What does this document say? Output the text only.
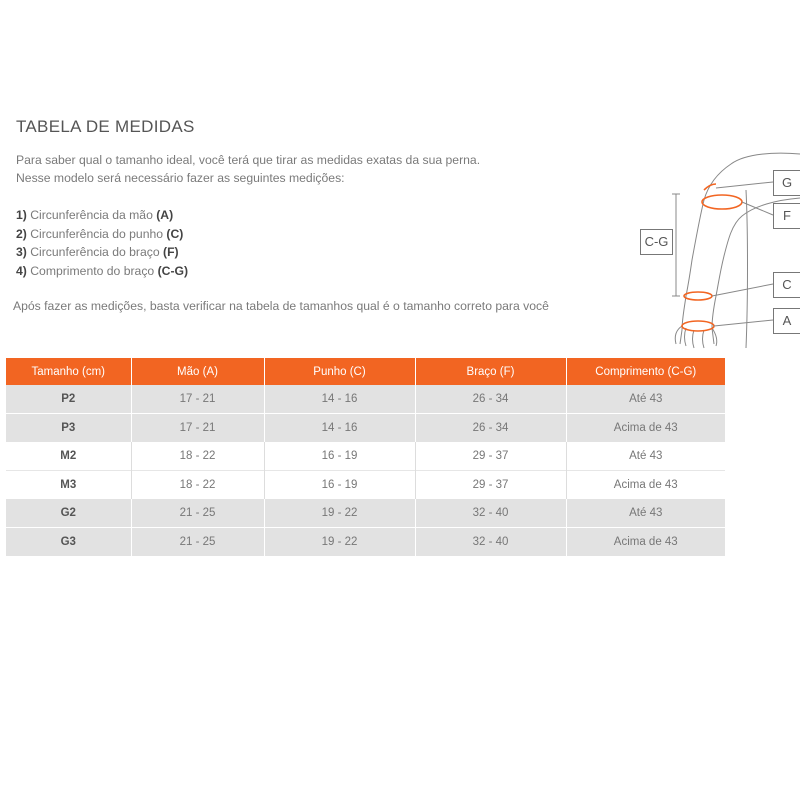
TABELA DE MEDIDAS
Para saber qual o tamanho ideal, você terá que tirar as medidas exatas da sua perna.
Nesse modelo será necessário fazer as seguintes medições:
1) Circunferência da mão (A)
2) Circunferência do punho (C)
3) Circunferência do braço (F)
4) Comprimento do braço (C-G)
Após fazer as medições, basta verificar na tabela de tamanhos qual é o tamanho correto para você
G
F
C-G
C
A
Tamanho (cm)	Mão (A)	Punho (C)	Braço (F)	Comprimento (C-G)
P2	17 - 21	14 - 16	26 - 34	Até 43
P3	17 - 21	14 - 16	26 - 34	Acima de 43
M2	18 - 22	16 - 19	29 - 37	Até 43
M3	18 - 22	16 - 19	29 - 37	Acima de 43
G2	21 - 25	19 - 22	32 - 40	Até 43
G3	21 - 25	19 - 22	32 - 40	Acima de 43
